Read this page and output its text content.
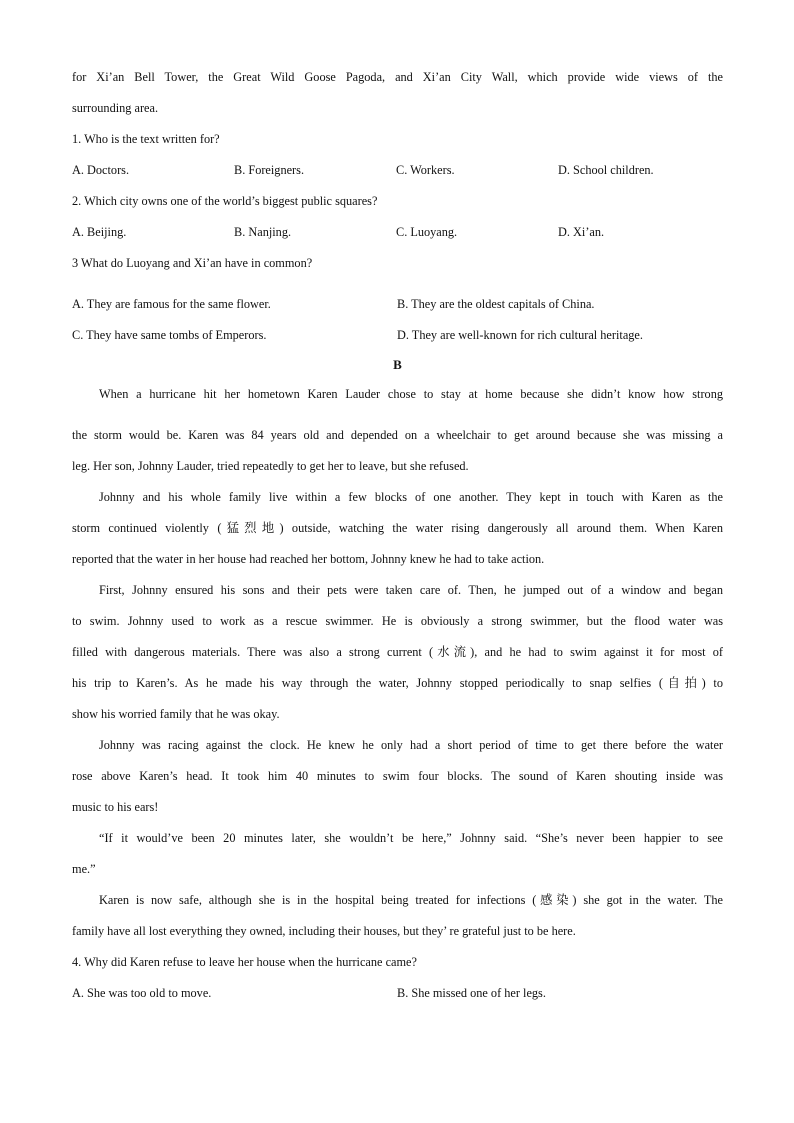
for Xi’an Bell Tower, the Great Wild Goose Pagoda, and Xi’an City Wall, which provide wide views of the
surrounding area.
1. Who is the text written for?
A. Doctors.	B. Foreigners.	C. Workers.	D. School children.
2. Which city owns one of the world’s biggest public squares?
A. Beijing.	B. Nanjing.	C. Luoyang.	D. Xi’an.
3 What do Luoyang and Xi’an have in common?
A. They are famous for the same flower.	B. They are the oldest capitals of China.
C. They have same tombs of Emperors.	D. They are well-known for rich cultural heritage.
B
When a hurricane hit her hometown Karen Lauder chose to stay at home because she didn’t know how strong
the storm would be. Karen was 84 years old and depended on a wheelchair to get around because she was missing a
leg. Her son, Johnny Lauder, tried repeatedly to get her to leave, but she refused.
Johnny and his whole family live within a few blocks of one another. They kept in touch with Karen as the
storm continued violently (猛烈地) outside, watching the water rising dangerously all around them. When Karen
reported that the water in her house had reached her bottom, Johnny knew he had to take action.
First, Johnny ensured his sons and their pets were taken care of. Then, he jumped out of a window and began
to swim. Johnny used to work as a rescue swimmer. He is obviously a strong swimmer, but the flood water was
filled with dangerous materials. There was also a strong current (水流), and he had to swim against it for most of
his trip to Karen’s. As he made his way through the water, Johnny stopped periodically to snap selfies (自拍) to
show his worried family that he was okay.
Johnny was racing against the clock. He knew he only had a short period of time to get there before the water
rose above Karen’s head. It took him 40 minutes to swim four blocks. The sound of Karen shouting inside was
music to his ears!
“If it would’ve been 20 minutes later, she wouldn’t be here,” Johnny said. “She’s never been happier to see
me.”
Karen is now safe, although she is in the hospital being treated for infections (感染) she got in the water. The
family have all lost everything they owned, including their houses, but they’ re grateful just to be here.
4. Why did Karen refuse to leave her house when the hurricane came?
A. She was too old to move.	B. She missed one of her legs.
